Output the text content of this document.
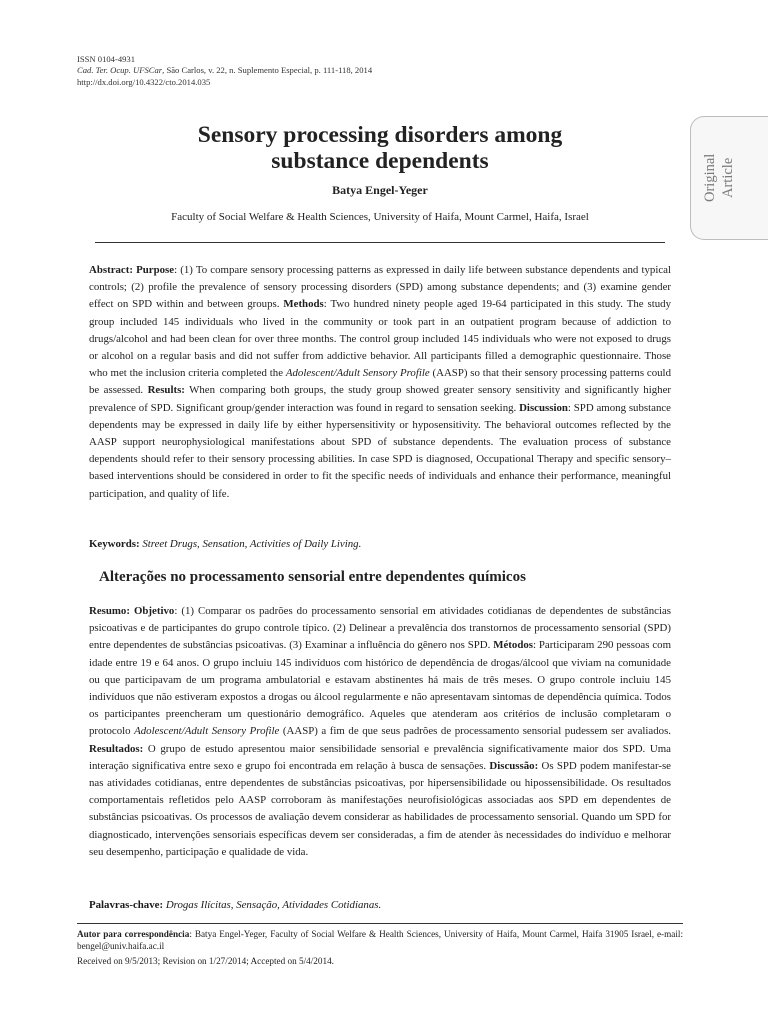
ISSN 0104-4931
Cad. Ter. Ocup. UFSCar, São Carlos, v. 22, n. Suplemento Especial, p. 111-118, 2014
http://dx.doi.org/10.4322/cto.2014.035
Original Article
Sensory processing disorders among
substance dependents
Batya Engel-Yeger
Faculty of Social Welfare & Health Sciences, University of Haifa, Mount Carmel, Haifa, Israel
Abstract: Purpose: (1) To compare sensory processing patterns as expressed in daily life between substance dependents and typical controls; (2) profile the prevalence of sensory processing disorders (SPD) among substance dependents; and (3) examine gender effect on SPD within and between groups. Methods: Two hundred ninety people aged 19-64 participated in this study. The study group included 145 individuals who lived in the community or took part in an outpatient program because of addiction to drugs/alcohol and had been clean for over three months. The control group included 145 individuals who were not exposed to drugs or alcohol on a regular basis and did not suffer from addictive behavior. All participants filled a demographic questionnaire. Those who met the inclusion criteria completed the Adolescent/Adult Sensory Profile (AASP) so that their sensory processing patterns could be assessed. Results: When comparing both groups, the study group showed greater sensory sensitivity and significantly higher prevalence of SPD. Significant group/gender interaction was found in regard to sensation seeking. Discussion: SPD among substance dependents may be expressed in daily life by either hypersensitivity or hyposensitivity. The behavioral outcomes reflected by the AASP support neurophysiological manifestations about SPD of substance dependents. The evaluation process of substance dependents should refer to their sensory processing abilities. In case SPD is diagnosed, Occupational Therapy and specific sensory–based interventions should be considered in order to fit the specific needs of individuals and enhance their performance, meaningful participation, and quality of life.
Keywords: Street Drugs, Sensation, Activities of Daily Living.
Alterações no processamento sensorial entre dependentes químicos
Resumo: Objetivo: (1) Comparar os padrões do processamento sensorial em atividades cotidianas de dependentes de substâncias psicoativas e de participantes do grupo controle típico. (2) Delinear a prevalência dos transtornos de processamento sensorial (SPD) entre dependentes de substâncias psicoativas. (3) Examinar a influência do gênero nos SPD. Métodos: Participaram 290 pessoas com idade entre 19 e 64 anos. O grupo incluiu 145 indivíduos com histórico de dependência de drogas/álcool que viviam na comunidade ou que participavam de um programa ambulatorial e estavam abstinentes há mais de três meses. O grupo controle incluiu 145 indivíduos que não estiveram expostos a drogas ou álcool regularmente e não apresentavam sintomas de dependência química. Todos os participantes preencheram um questionário demográfico. Aqueles que atenderam aos critérios de inclusão completaram o protocolo Adolescent/Adult Sensory Profile (AASP) a fim de que seus padrões de processamento sensorial pudessem ser avaliados. Resultados: O grupo de estudo apresentou maior sensibilidade sensorial e prevalência significativamente maior dos SPD. Uma interação significativa entre sexo e grupo foi encontrada em relação à busca de sensações. Discussão: Os SPD podem manifestar-se nas atividades cotidianas, entre dependentes de substâncias psicoativas, por hipersensibilidade ou hipossensibilidade. Os resultados comportamentais refletidos pelo AASP corroboram às manifestações neurofisiológicas associadas aos SPD em dependentes de substâncias psicoativas. Os processos de avaliação devem considerar as habilidades de processamento sensorial. Quando um SPD for diagnosticado, intervenções sensoriais específicas devem ser consideradas, a fim de atender às necessidades do indivíduo e melhorar seu desempenho, participação e qualidade de vida.
Palavras-chave: Drogas Ilícitas, Sensação, Atividades Cotidianas.
Autor para correspondência: Batya Engel-Yeger, Faculty of Social Welfare & Health Sciences, University of Haifa, Mount Carmel, Haifa 31905 Israel, e-mail: bengel@univ.haifa.ac.il
Received on 9/5/2013; Revision on 1/27/2014; Accepted on 5/4/2014.
